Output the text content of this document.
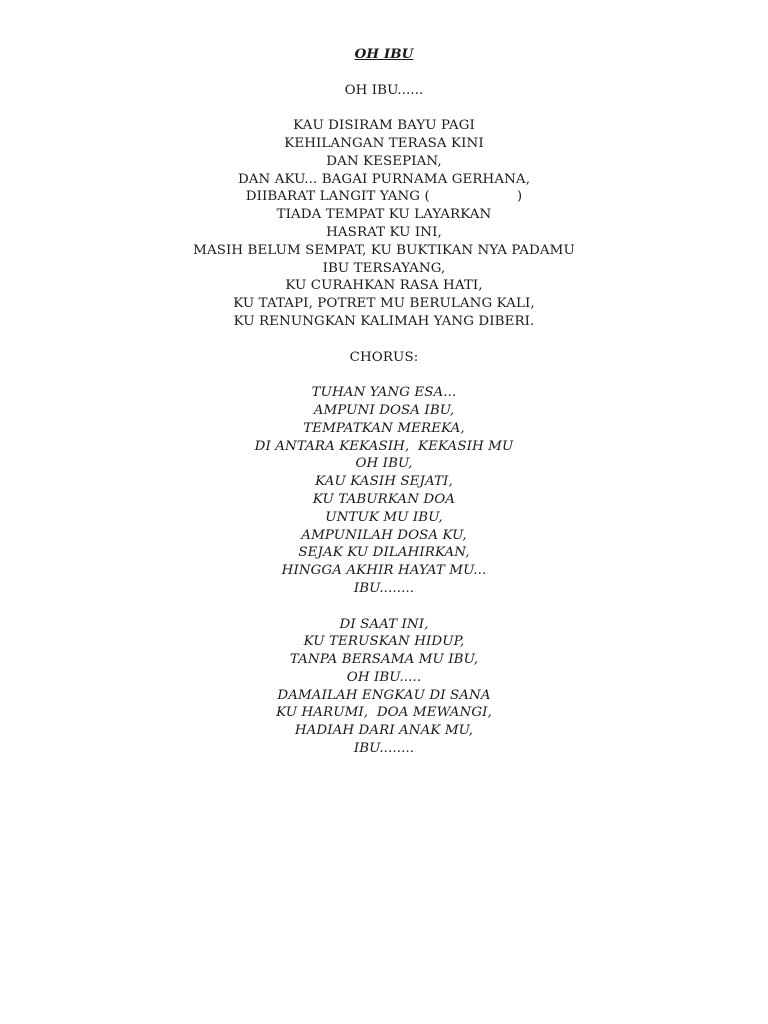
OH IBU
OH IBU......
KAU DISIRAM BAYU PAGI
KEHILANGAN TERASA KINI
DAN KESEPIAN,
DAN AKU... BAGAI PURNAMA GERHANA,
DIIBARAT LANGIT YANG (                    )
TIADA TEMPAT KU LAYARKAN
HASRAT KU INI,
MASIH BELUM SEMPAT, KU BUKTIKAN NYA PADAMU
IBU TERSAYANG,
KU CURAHKAN RASA HATI,
KU TATAPI, POTRET MU BERULANG KALI,
KU RENUNGKAN KALIMAH YANG DIBERI.
CHORUS:
TUHAN YANG ESA...
AMPUNI DOSA IBU,
TEMPATKAN MEREKA,
DI ANTARA KEKASIH,  KEKASIH MU
OH IBU,
KAU KASIH SEJATI,
KU TABURKAN DOA
UNTUK MU IBU,
AMPUNILAH DOSA KU,
SEJAK KU DILAHIRKAN,
HINGGA AKHIR HAYAT MU...
IBU........
DI SAAT INI,
KU TERUSKAN HIDUP,
TANPA BERSAMA MU IBU,
OH IBU.....
DAMAILAH ENGKAU DI SANA
KU HARUMI,  DOA MEWANGI,
HADIAH DARI ANAK MU,
IBU........
